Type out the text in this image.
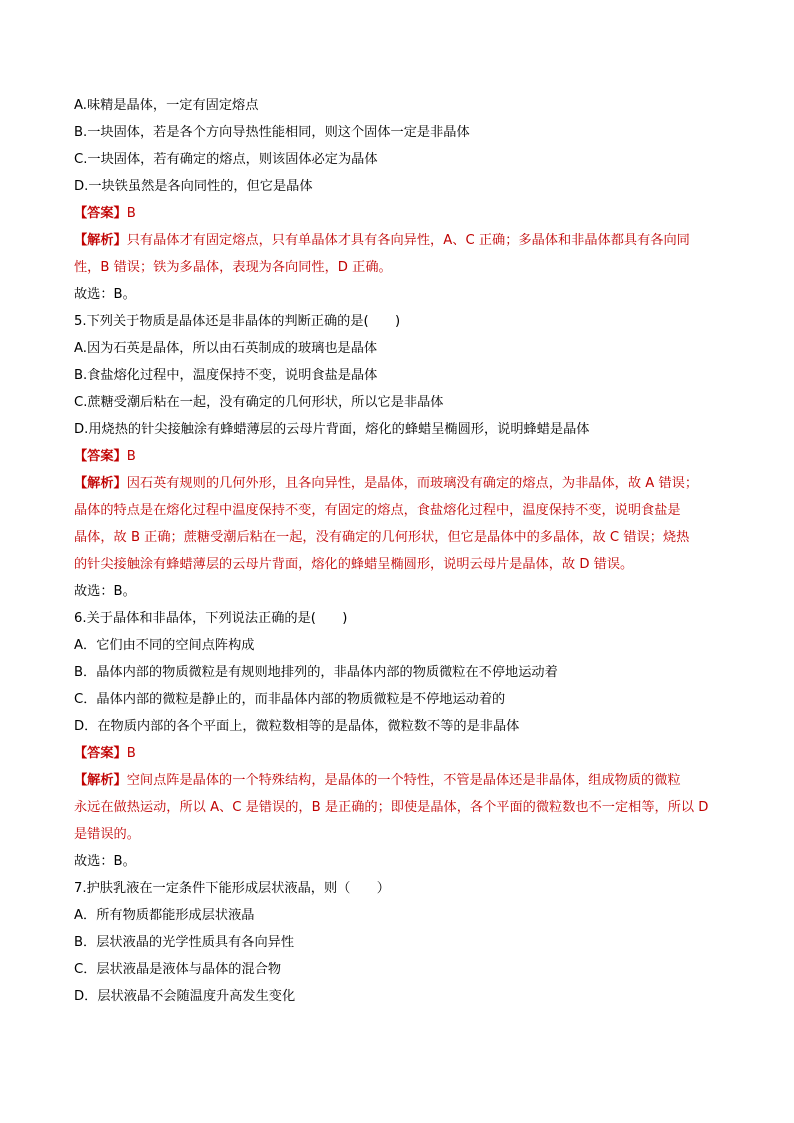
A.味精是晶体，一定有固定熔点
B.一块固体，若是各个方向导热性能相同，则这个固体一定是非晶体
C.一块固体，若有确定的熔点，则该固体必定为晶体
D.一块铁虽然是各向同性的，但它是晶体
【答案】B
【解析】只有晶体才有固定熔点，只有单晶体才具有各向异性，A、C 正确；多晶体和非晶体都具有各向同
性，B 错误；铁为多晶体，表现为各向同性，D 正确。
故选：B。
5.下列关于物质是晶体还是非晶体的判断正确的是(　　)
A.因为石英是晶体，所以由石英制成的玻璃也是晶体
B.食盐熔化过程中，温度保持不变，说明食盐是晶体
C.蔗糖受潮后粘在一起，没有确定的几何形状，所以它是非晶体
D.用烧热的针尖接触涂有蜂蜡薄层的云母片背面，熔化的蜂蜡呈椭圆形，说明蜂蜡是晶体
【答案】B
【解析】因石英有规则的几何外形，且各向异性，是晶体，而玻璃没有确定的熔点，为非晶体，故 A 错误；
晶体的特点是在熔化过程中温度保持不变，有固定的熔点，食盐熔化过程中，温度保持不变，说明食盐是
晶体，故 B 正确；蔗糖受潮后粘在一起，没有确定的几何形状，但它是晶体中的多晶体，故 C 错误；烧热
的针尖接触涂有蜂蜡薄层的云母片背面，熔化的蜂蜡呈椭圆形，说明云母片是晶体，故 D 错误。
故选：B。
6.关于晶体和非晶体，下列说法正确的是(　　)
A．它们由不同的空间点阵构成
B．晶体内部的物质微粒是有规则地排列的，非晶体内部的物质微粒在不停地运动着
C．晶体内部的微粒是静止的，而非晶体内部的物质微粒是不停地运动着的
D．在物质内部的各个平面上，微粒数相等的是晶体，微粒数不等的是非晶体
【答案】B
【解析】空间点阵是晶体的一个特殊结构，是晶体的一个特性，不管是晶体还是非晶体，组成物质的微粒
永远在做热运动，所以 A、C 是错误的，B 是正确的；即使是晶体，各个平面的微粒数也不一定相等，所以 D
是错误的。
故选：B。
7.护肤乳液在一定条件下能形成层状液晶，则（　　）
A．所有物质都能形成层状液晶
B．层状液晶的光学性质具有各向异性
C．层状液晶是液体与晶体的混合物
D．层状液晶不会随温度升高发生变化
